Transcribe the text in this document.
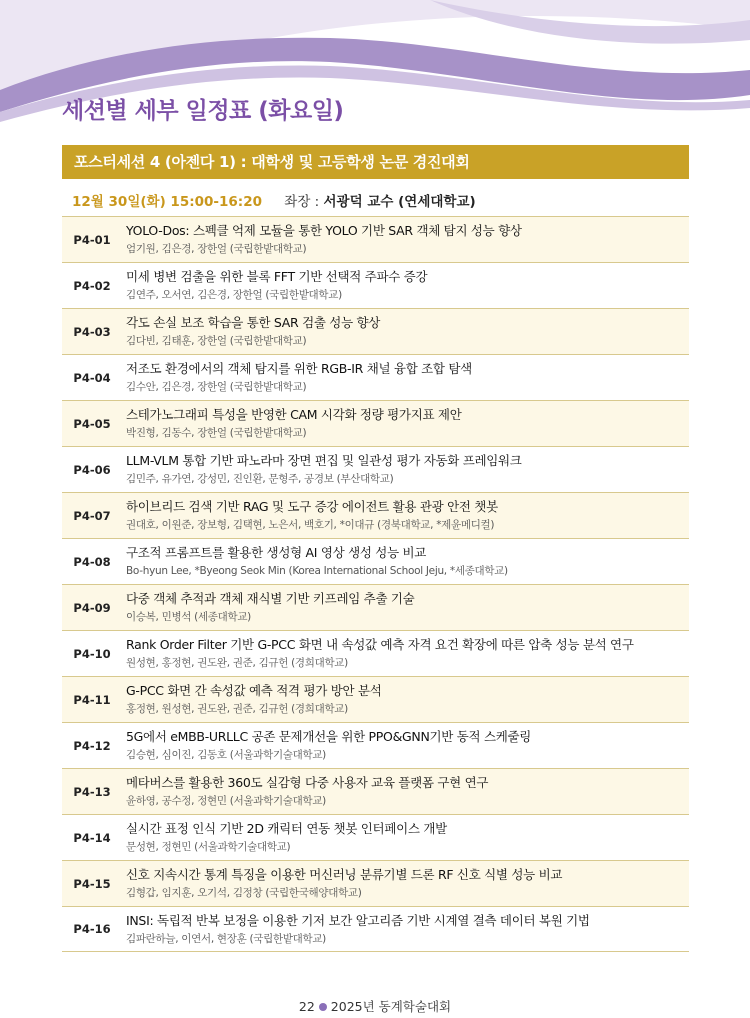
세션별 세부 일정표 (화요일)
포스터세션 4 (아젠다 1) : 대학생 및 고등학생 논문 경진대회
12월 30일(화) 15:00-16:20 좌장 : 서광덕 교수 (연세대학교)
P4-01
YOLO-Dos: 스펙클 억제 모듈을 통한 YOLO 기반 SAR 객체 탐지 성능 향상
엄기원, 김은경, 장한얼 (국립한밭대학교)
P4-02
미세 병변 검출을 위한 블록 FFT 기반 선택적 주파수 증강
김연주, 오서연, 김은경, 장한얼 (국립한밭대학교)
P4-03
각도 손실 보조 학습을 통한 SAR 검출 성능 향상
김다빈, 김태훈, 장한얼 (국립한밭대학교)
P4-04
저조도 환경에서의 객체 탐지를 위한 RGB-IR 채널 융합 조합 탐색
김수안, 김은경, 장한얼 (국립한밭대학교)
P4-05
스테가노그래피 특성을 반영한 CAM 시각화 정량 평가지표 제안
박진형, 김동수, 장한얼 (국립한밭대학교)
P4-06
LLM-VLM 통합 기반 파노라마 장면 편집 및 일관성 평가 자동화 프레임워크
김민주, 유가연, 강성민, 진인환, 문형주, 공경보 (부산대학교)
P4-07
하이브리드 검색 기반 RAG 및 도구 증강 에이전트 활용 관광 안전 챗봇
권대호, 이원준, 장보형, 김택현, 노은서, 백호기, *이대규 (경북대학교, *제윤메디컬)
P4-08
구조적 프롬프트를 활용한 생성형 AI 영상 생성 성능 비교
Bo-hyun Lee, *Byeong Seok Min (Korea International School Jeju, *세종대학교)
P4-09
다중 객체 추적과 객체 재식별 기반 키프레임 추출 기술
이승복, 민병석 (세종대학교)
P4-10
Rank Order Filter 기반 G-PCC 화면 내 속성값 예측 자격 요건 확장에 따른 압축 성능 분석 연구
원성현, 홍정현, 권도완, 권준, 김규헌 (경희대학교)
P4-11
G-PCC 화면 간 속성값 예측 적격 평가 방안 분석
홍정현, 원성현, 권도완, 권준, 김규헌 (경희대학교)
P4-12
5G에서 eMBB-URLLC 공존 문제개선을 위한 PPO&GNN기반 동적 스케줄링
김승현, 심이진, 김동호 (서울과학기술대학교)
P4-13
메타버스를 활용한 360도 실감형 다중 사용자 교육 플랫폼 구현 연구
윤하영, 공수정, 정현민 (서울과학기술대학교)
P4-14
실시간 표정 인식 기반 2D 캐릭터 연동 챗봇 인터페이스 개발
문성현, 정현민 (서울과학기술대학교)
P4-15
신호 지속시간 통계 특징을 이용한 머신러닝 분류기별 드론 RF 신호 식별 성능 비교
김형갑, 임지훈, 오기석, 김정창 (국립한국해양대학교)
P4-16
INSI: 독립적 반복 보정을 이용한 기저 보간 알고리즘 기반 시계열 결측 데이터 복원 기법
김파란하늘, 이연서, 현장훈 (국립한밭대학교)
22 2025년 동계학술대회
